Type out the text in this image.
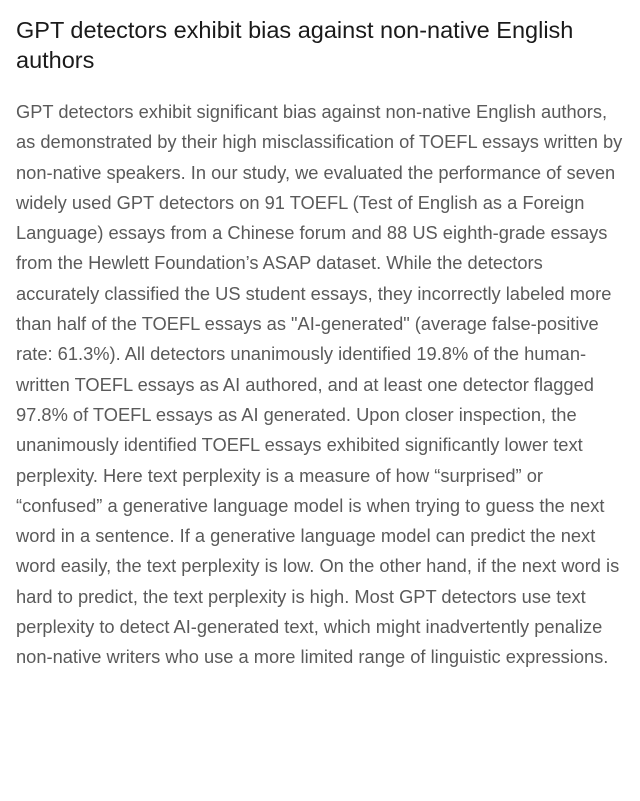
GPT detectors exhibit bias against non-native English authors

GPT detectors exhibit significant bias against non-native English authors, as demonstrated by their high misclassification of TOEFL essays written by non-native speakers. In our study, we evaluated the performance of seven widely used GPT detectors on 91 TOEFL (Test of English as a Foreign Language) essays from a Chinese forum and 88 US eighth-grade essays from the Hewlett Foundation’s ASAP dataset. While the detectors accurately classified the US student essays, they incorrectly labeled more than half of the TOEFL essays as "AI-generated" (average false-positive rate: 61.3%). All detectors unanimously identified 19.8% of the human-written TOEFL essays as AI authored, and at least one detector flagged 97.8% of TOEFL essays as AI generated. Upon closer inspection, the unanimously identified TOEFL essays exhibited significantly lower text perplexity. Here text perplexity is a measure of how “surprised” or “confused” a generative language model is when trying to guess the next word in a sentence. If a generative language model can predict the next word easily, the text perplexity is low. On the other hand, if the next word is hard to predict, the text perplexity is high. Most GPT detectors use text perplexity to detect AI-generated text, which might inadvertently penalize non-native writers who use a more limited range of linguistic expressions.
